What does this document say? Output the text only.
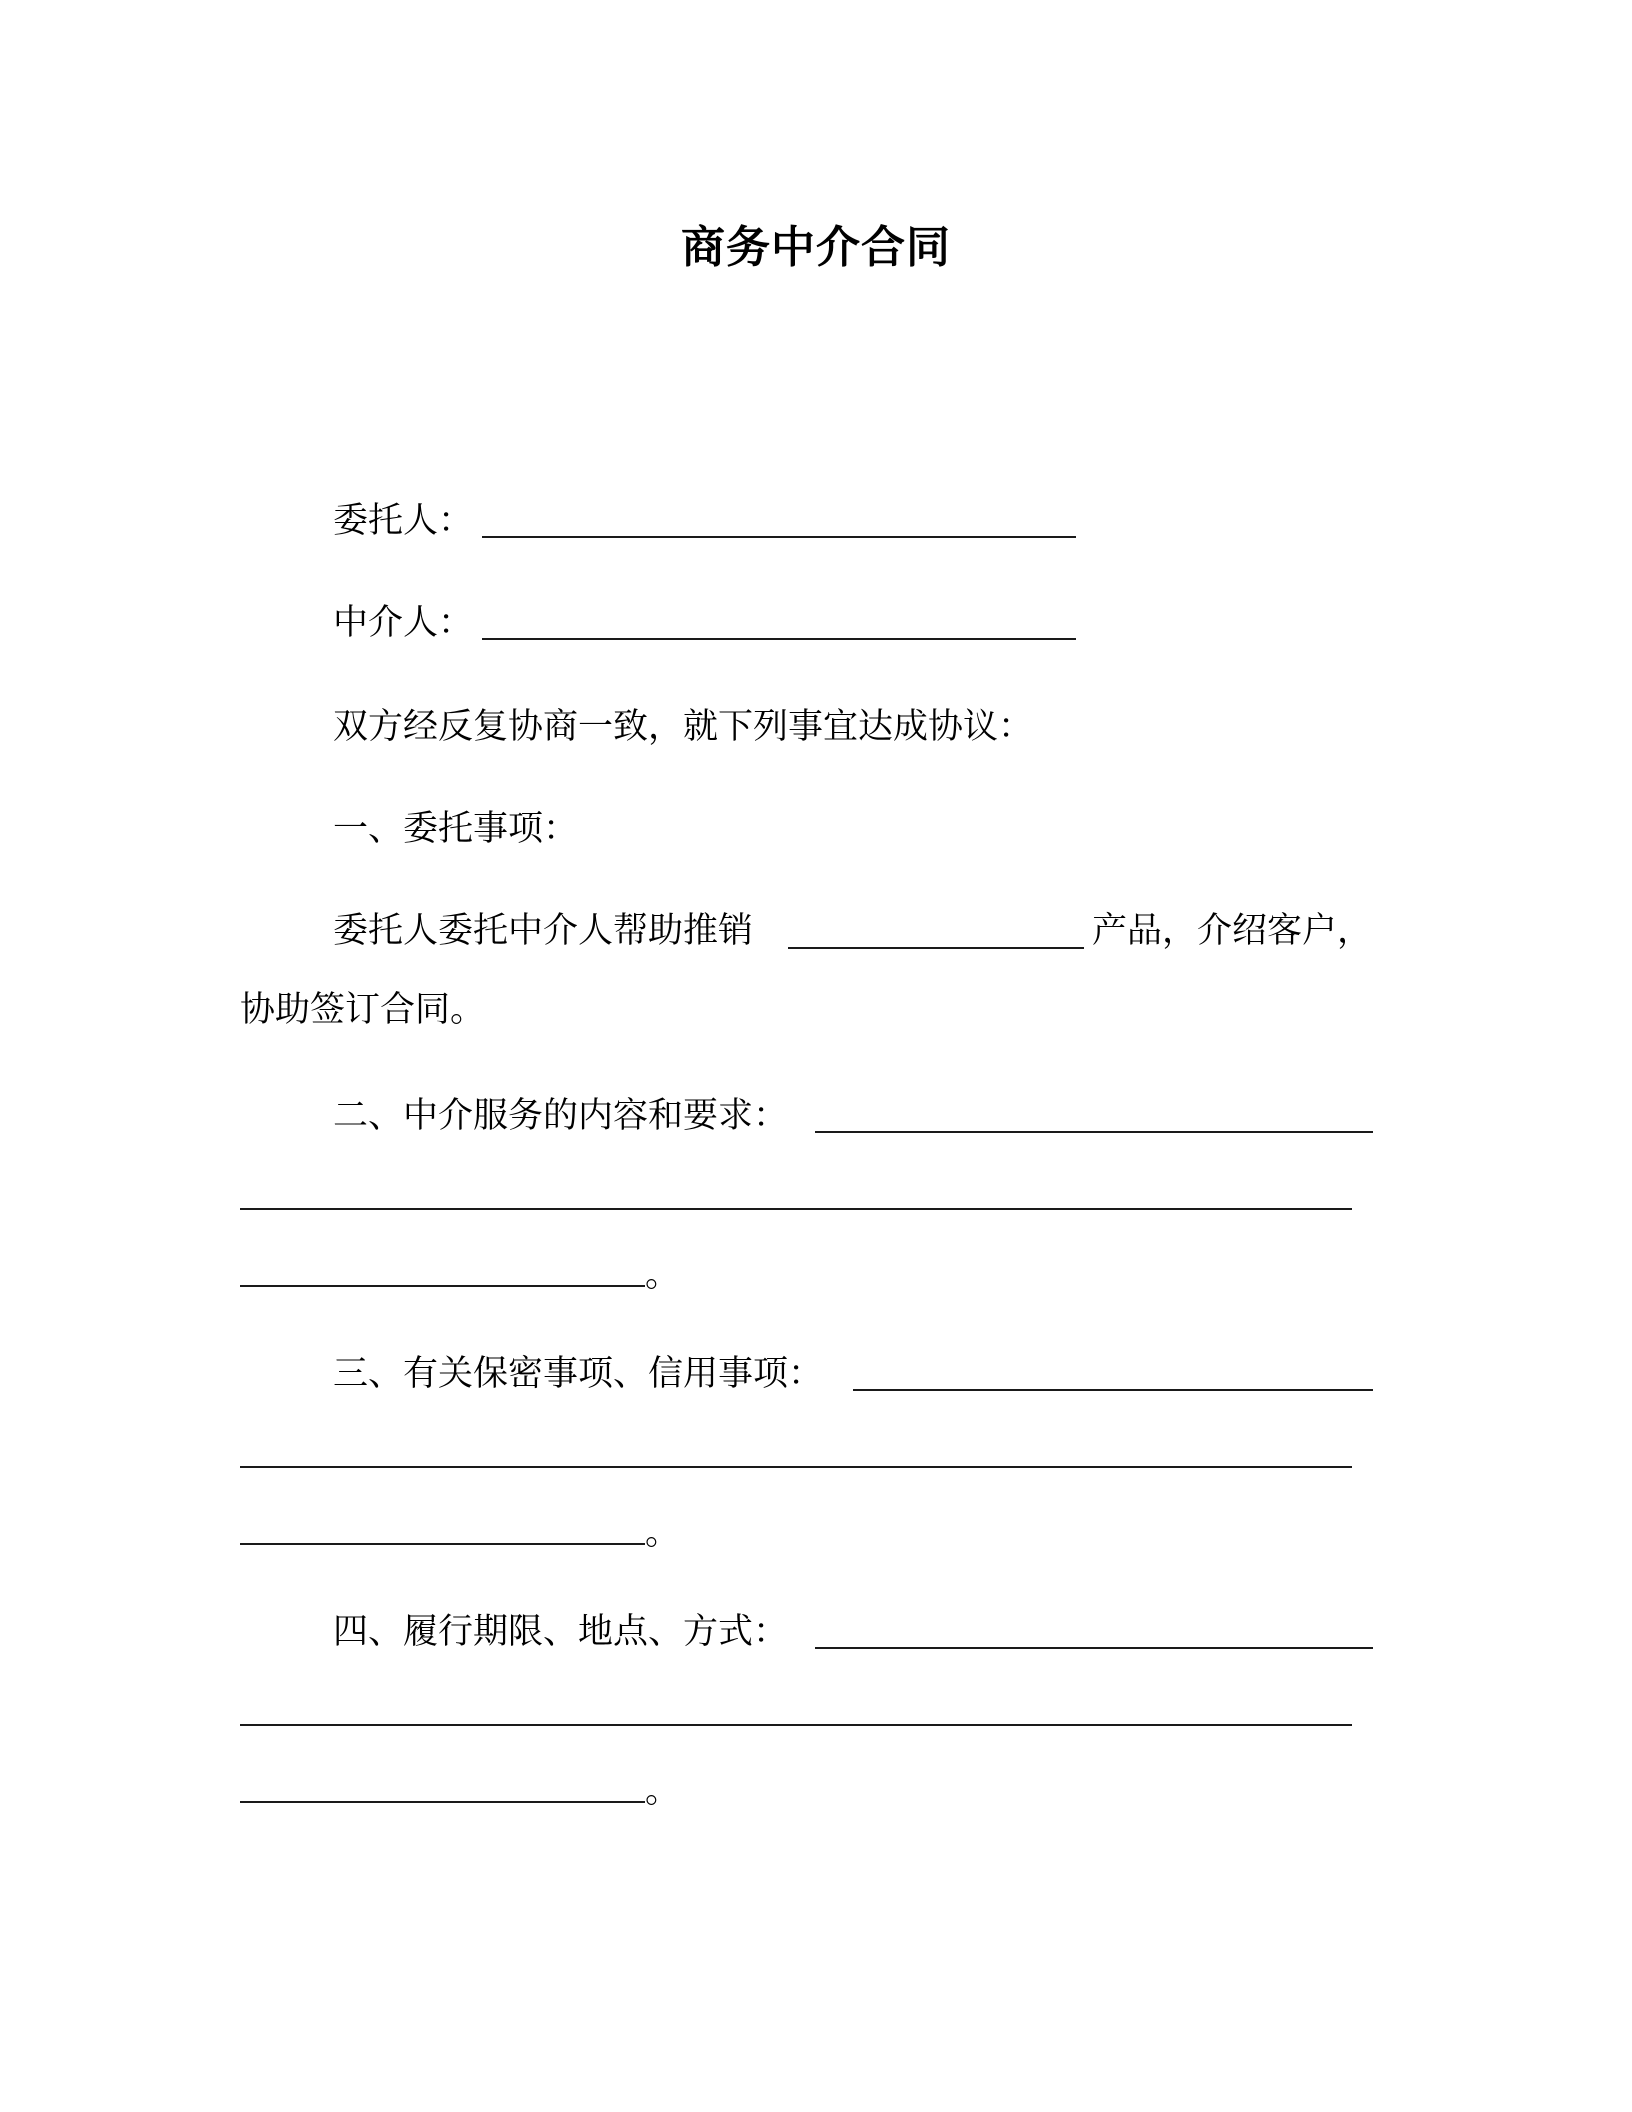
商务中介合同
委托人：
中介人：
双方经反复协商一致，就下列事宜达成协议：
一、委托事项：
委托人委托中介人帮助推销	产品，介绍客户，
协助签订合同。
二、中介服务的内容和要求：
。
三、有关保密事项、信用事项：
。
四、履行期限、地点、方式：
。
